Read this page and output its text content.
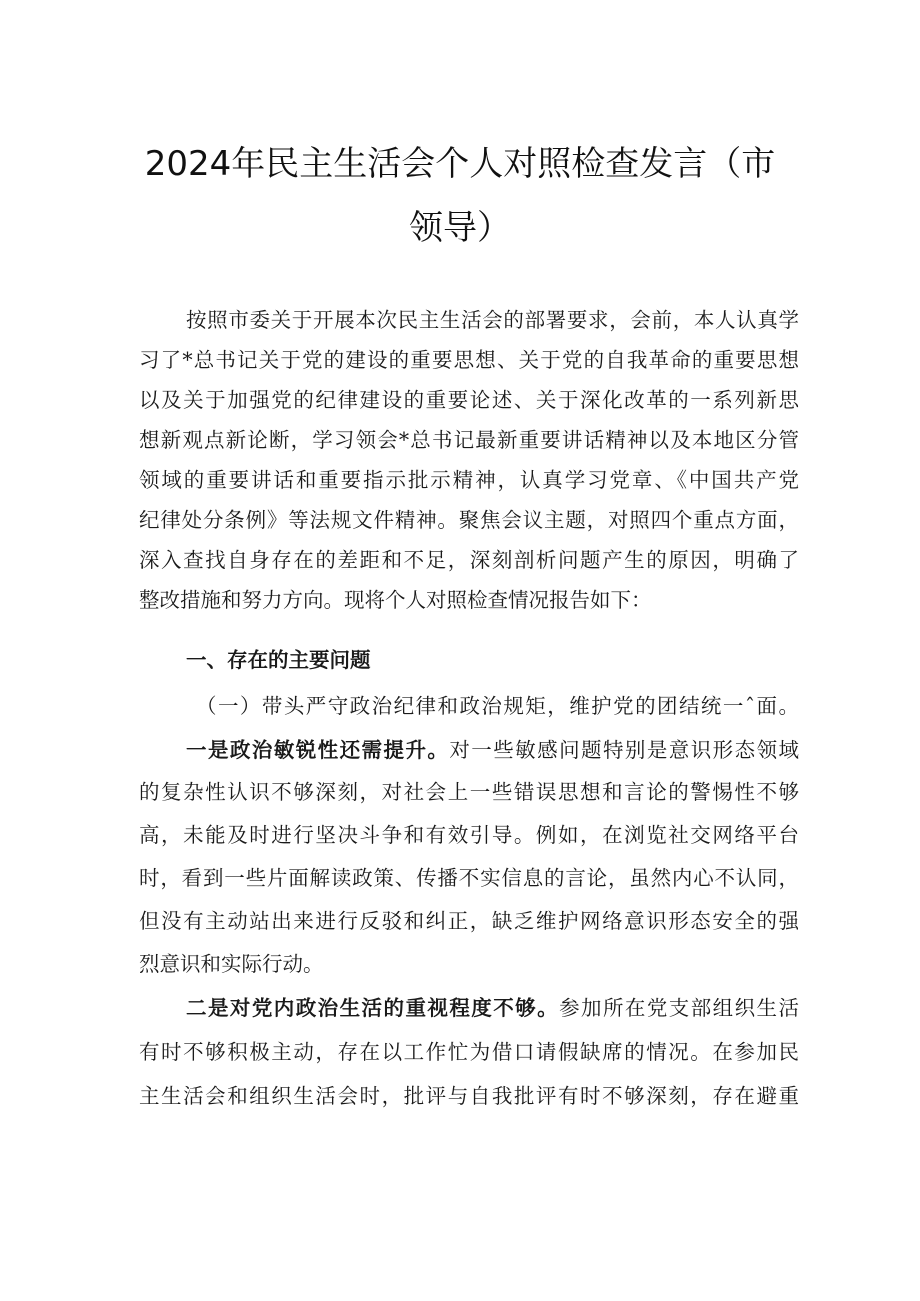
2024年民主生活会个人对照检查发言（市
领导）

按照市委关于开展本次民主生活会的部署要求，会前，本人认真学

习了*总书记关于党的建设的重要思想、关于党的自我革命的重要思想

以及关于加强党的纪律建设的重要论述、关于深化改革的一系列新思

想新观点新论断，学习领会*总书记最新重要讲话精神以及本地区分管

领域的重要讲话和重要指示批示精神，认真学习党章、《中国共产党

纪律处分条例》等法规文件精神。聚焦会议主题，对照四个重点方面，

深入查找自身存在的差距和不足，深刻剖析问题产生的原因，明确了

整改措施和努力方向。现将个人对照检查情况报告如下：

一、存在的主要问题

（一）带头严守政治纪律和政治规矩，维护党的团结统一ˆ面。

一是政治敏锐性还需提升。对一些敏感问题特别是意识形态领域

的复杂性认识不够深刻，对社会上一些错误思想和言论的警惕性不够

高，未能及时进行坚决斗争和有效引导。例如，在浏览社交网络平台

时，看到一些片面解读政策、传播不实信息的言论，虽然内心不认同，

但没有主动站出来进行反驳和纠正，缺乏维护网络意识形态安全的强

烈意识和实际行动。

二是对党内政治生活的重视程度不够。参加所在党支部组织生活

有时不够积极主动，存在以工作忙为借口请假缺席的情况。在参加民

主生活会和组织生活会时，批评与自我批评有时不够深刻，存在避重
